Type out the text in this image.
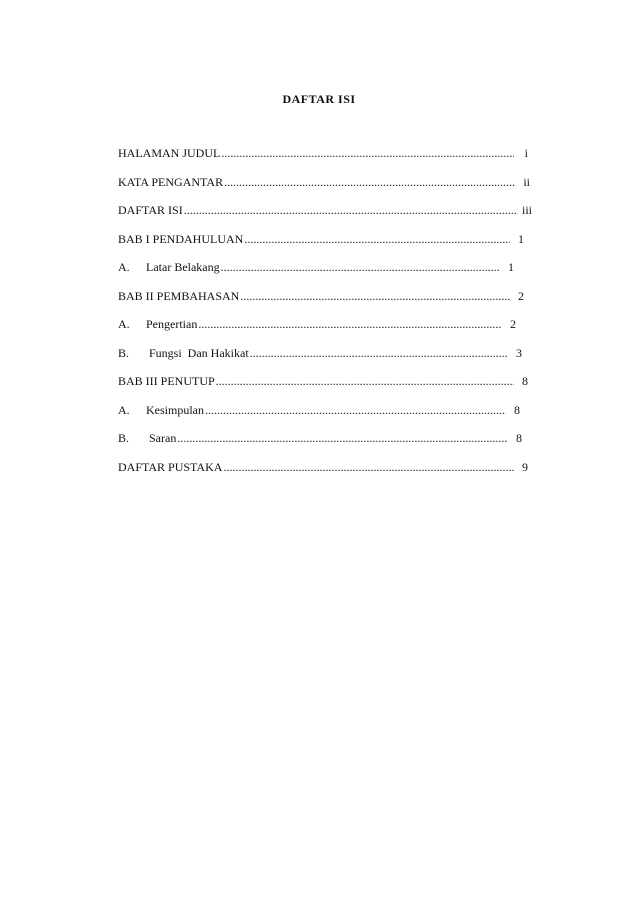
DAFTAR ISI
HALAMAN JUDUL .....	i
KATA PENGANTAR .....	ii
DAFTAR ISI .....	iii
BAB I PENDAHULUAN .....	1
A.	Latar Belakang .....	1
BAB II PEMBAHASAN .....	2
A.	Pengertian .....	2
B.	Fungsi  Dan Hakikat .....	3
BAB III PENUTUP .....	8
A.	Kesimpulan .....	8
B.	Saran .....	8
DAFTAR PUSTAKA .....	9
